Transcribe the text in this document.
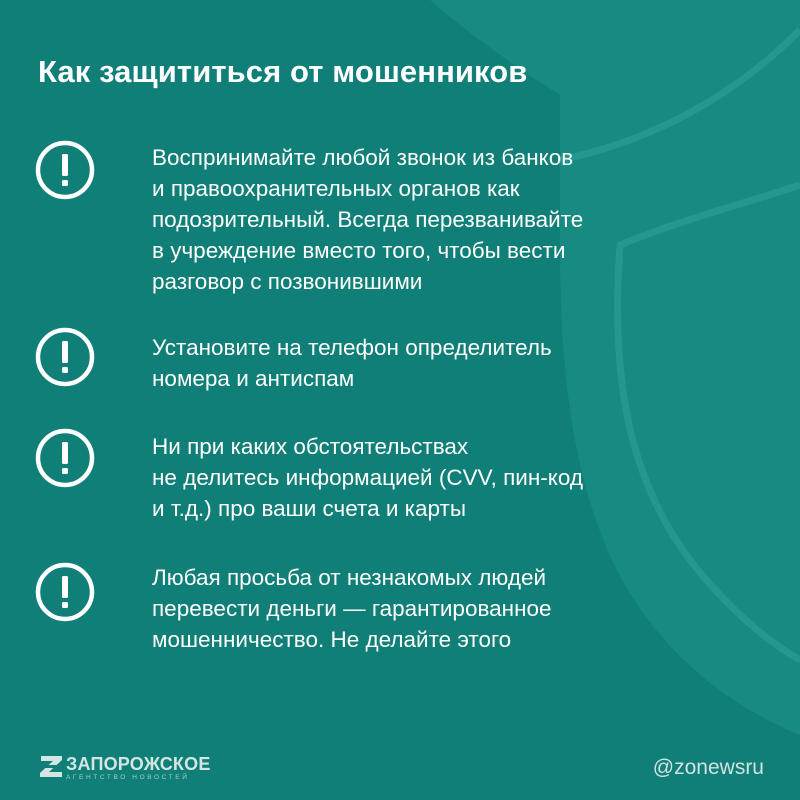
Как защититься от мошенников
Воспринимайте любой звонок из банков
и правоохранительных органов как
подозрительный. Всегда перезванивайте
в учреждение вместо того, чтобы вести
разговор с позвонившими
Установите на телефон определитель
номера и антиспам
Ни при каких обстоятельствах
не делитесь информацией (CVV, пин-код
и т.д.) про ваши счета и карты
Любая просьба от незнакомых людей
перевести деньги — гарантированное
мошенничество. Не делайте этого
ЗАПОРОЖСКОЕ
АГЕНТСТВО НОВОСТЕЙ	@zonewsru
